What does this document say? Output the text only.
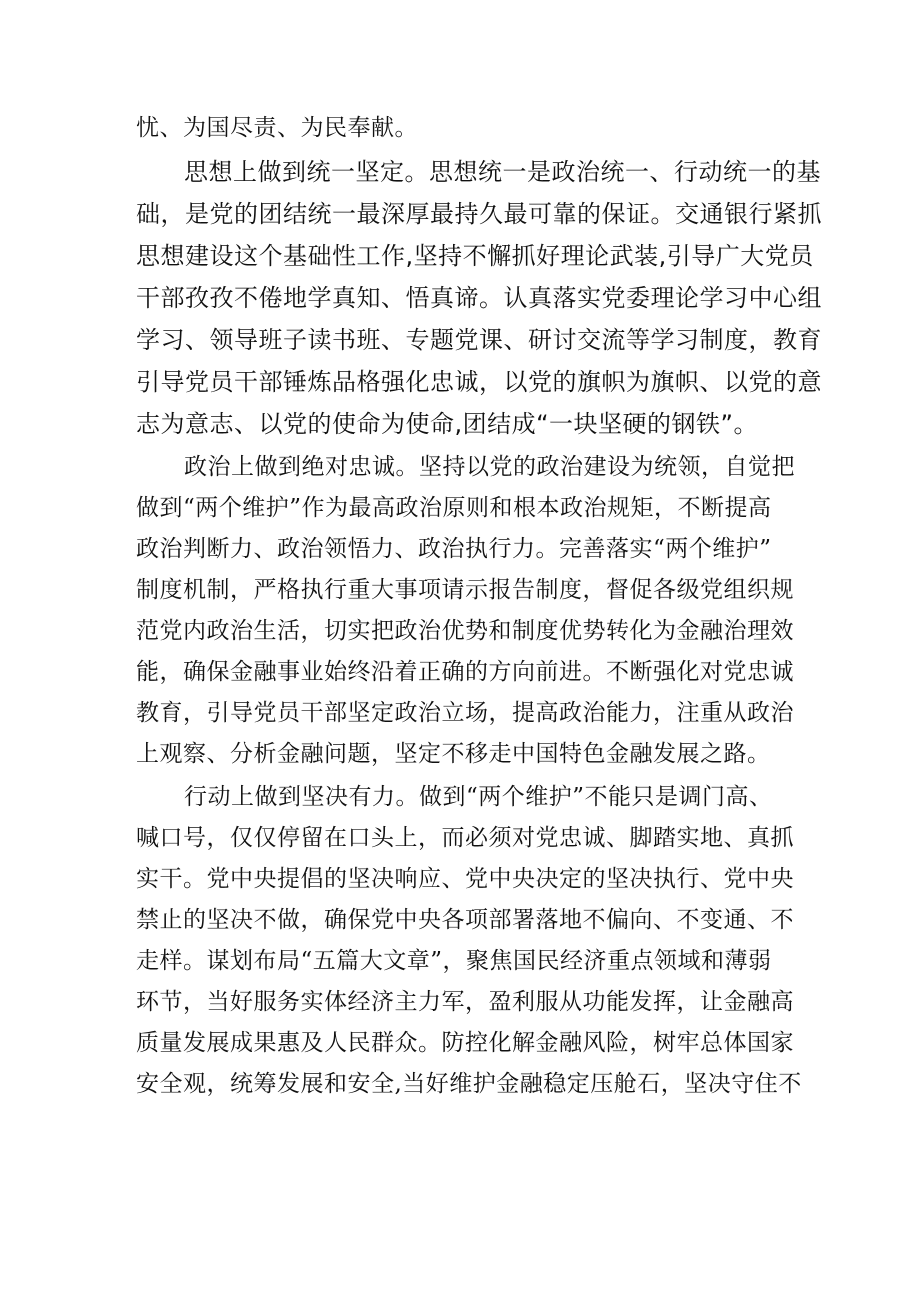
忧、为国尽责、为民奉献。
思想上做到统一坚定。思想统一是政治统一、行动统一的基
础，是党的团结统一最深厚最持久最可靠的保证。交通银行紧抓
思想建设这个基础性工作,坚持不懈抓好理论武装,引导广大党员
干部孜孜不倦地学真知、悟真谛。认真落实党委理论学习中心组
学习、领导班子读书班、专题党课、研讨交流等学习制度，教育
引导党员干部锤炼品格强化忠诚，以党的旗帜为旗帜、以党的意
志为意志、以党的使命为使命,团结成“一块坚硬的钢铁”。
政治上做到绝对忠诚。坚持以党的政治建设为统领，自觉把
做到“两个维护”作为最高政治原则和根本政治规矩，不断提高
政治判断力、政治领悟力、政治执行力。完善落实“两个维护”
制度机制，严格执行重大事项请示报告制度，督促各级党组织规
范党内政治生活，切实把政治优势和制度优势转化为金融治理效
能，确保金融事业始终沿着正确的方向前进。不断强化对党忠诚
教育，引导党员干部坚定政治立场，提高政治能力，注重从政治
上观察、分析金融问题，坚定不移走中国特色金融发展之路。
行动上做到坚决有力。做到“两个维护”不能只是调门高、
喊口号，仅仅停留在口头上，而必须对党忠诚、脚踏实地、真抓
实干。党中央提倡的坚决响应、党中央决定的坚决执行、党中央
禁止的坚决不做，确保党中央各项部署落地不偏向、不变通、不
走样。谋划布局“五篇大文章”，聚焦国民经济重点领域和薄弱
环节，当好服务实体经济主力军，盈利服从功能发挥，让金融高
质量发展成果惠及人民群众。防控化解金融风险，树牢总体国家
安全观，统筹发展和安全,当好维护金融稳定压舱石，坚决守住不
